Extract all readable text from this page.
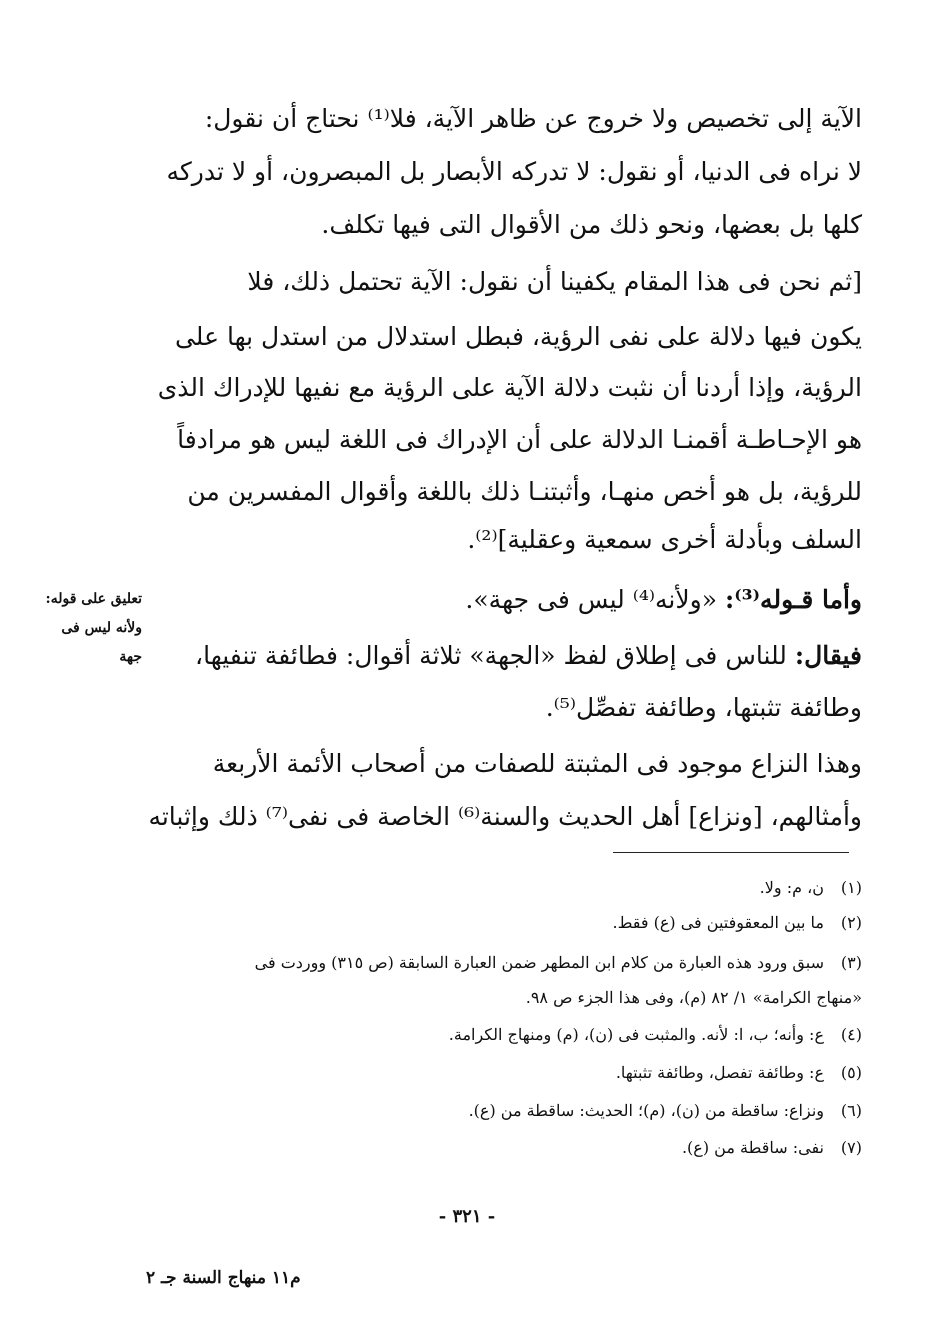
الآية إلى تخصيص ولا خروج عن ظاهر الآية، فلا⁽¹⁾ نحتاج أن نقول:
لا نراه فى الدنيا، أو نقول: لا تدركه الأبصار بل المبصرون، أو لا تدركه
كلها بل بعضها، ونحو ذلك من الأقوال التى فيها تكلف.
[ثم نحن فى هذا المقام يكفينا أن نقول: الآية تحتمل ذلك، فلا
يكون فيها دلالة على نفى الرؤية، فبطل استدلال من استدل بها على
الرؤية، وإذا أردنا أن نثبت دلالة الآية على الرؤية مع نفيها للإدراك الذى
هو الإحـاطـة أقمنـا الدلالة على أن الإدراك فى اللغة ليس هو مرادفاً
للرؤية، بل هو أخص منهـا، وأثبتنـا ذلك باللغة وأقوال المفسرين من
السلف وبأدلة أخرى سمعية وعقلية]⁽²⁾.
وأما قـوله⁽³⁾: «ولأنه⁽⁴⁾ ليس فى جهة».
فيقال: للناس فى إطلاق لفظ «الجهة» ثلاثة أقوال: فطائفة تنفيها،
وطائفة تثبتها، وطائفة تفصِّل⁽⁵⁾.
وهذا النزاع موجود فى المثبتة للصفات من أصحاب الأئمة الأربعة
وأمثالهم، [ونزاع] أهل الحديث والسنة⁽⁶⁾ الخاصة فى نفى⁽⁷⁾ ذلك وإثباته
تعليق على قوله:
ولأنه ليس فى
جهة
(١)ن، م: ولا.
(٢)ما بين المعقوفتين فى (ع) فقط.
(٣)سبق ورود هذه العبارة من كلام ابن المطهر ضمن العبارة السابقة (ص ٣١٥) ووردت فى
«منهاج الكرامة» ١/ ٨٢ (م)، وفى هذا الجزء ص ٩٨.
(٤)ع: وأنه؛ ب، ا: لأنه. والمثبت فى (ن)، (م) ومنهاج الكرامة.
(٥)ع: وطائفة تفصل، وطائفة تثبتها.
(٦)ونزاع: ساقطة من (ن)، (م)؛ الحديث: ساقطة من (ع).
(٧)نفى: ساقطة من (ع).
- ٣٢١ -
م١١ منهاج السنة جـ ٢
